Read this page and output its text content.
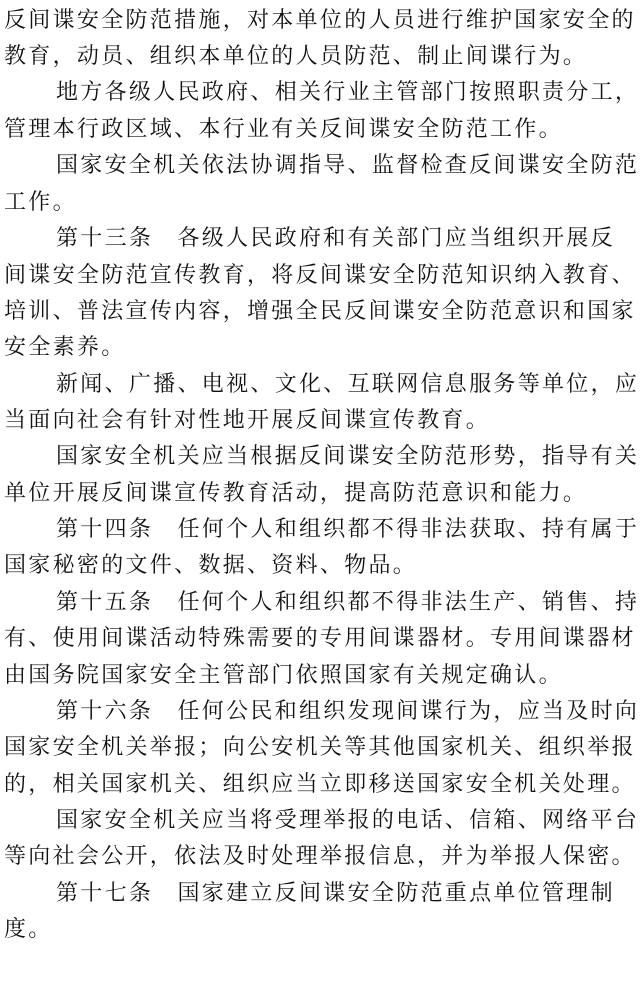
反间谍安全防范措施，对本单位的人员进行维护国家安全的
教育，动员、组织本单位的人员防范、制止间谍行为。
地方各级人民政府、相关行业主管部门按照职责分工，
管理本行政区域、本行业有关反间谍安全防范工作。
国家安全机关依法协调指导、监督检查反间谍安全防范
工作。
第十三条　各级人民政府和有关部门应当组织开展反
间谍安全防范宣传教育，将反间谍安全防范知识纳入教育、
培训、普法宣传内容，增强全民反间谍安全防范意识和国家
安全素养。
新闻、广播、电视、文化、互联网信息服务等单位，应
当面向社会有针对性地开展反间谍宣传教育。
国家安全机关应当根据反间谍安全防范形势，指导有关
单位开展反间谍宣传教育活动，提高防范意识和能力。
第十四条　任何个人和组织都不得非法获取、持有属于
国家秘密的文件、数据、资料、物品。
第十五条　任何个人和组织都不得非法生产、销售、持
有、使用间谍活动特殊需要的专用间谍器材。专用间谍器材
由国务院国家安全主管部门依照国家有关规定确认。
第十六条　任何公民和组织发现间谍行为，应当及时向
国家安全机关举报；向公安机关等其他国家机关、组织举报
的，相关国家机关、组织应当立即移送国家安全机关处理。
国家安全机关应当将受理举报的电话、信箱、网络平台
等向社会公开，依法及时处理举报信息，并为举报人保密。
第十七条　国家建立反间谍安全防范重点单位管理制
度。
